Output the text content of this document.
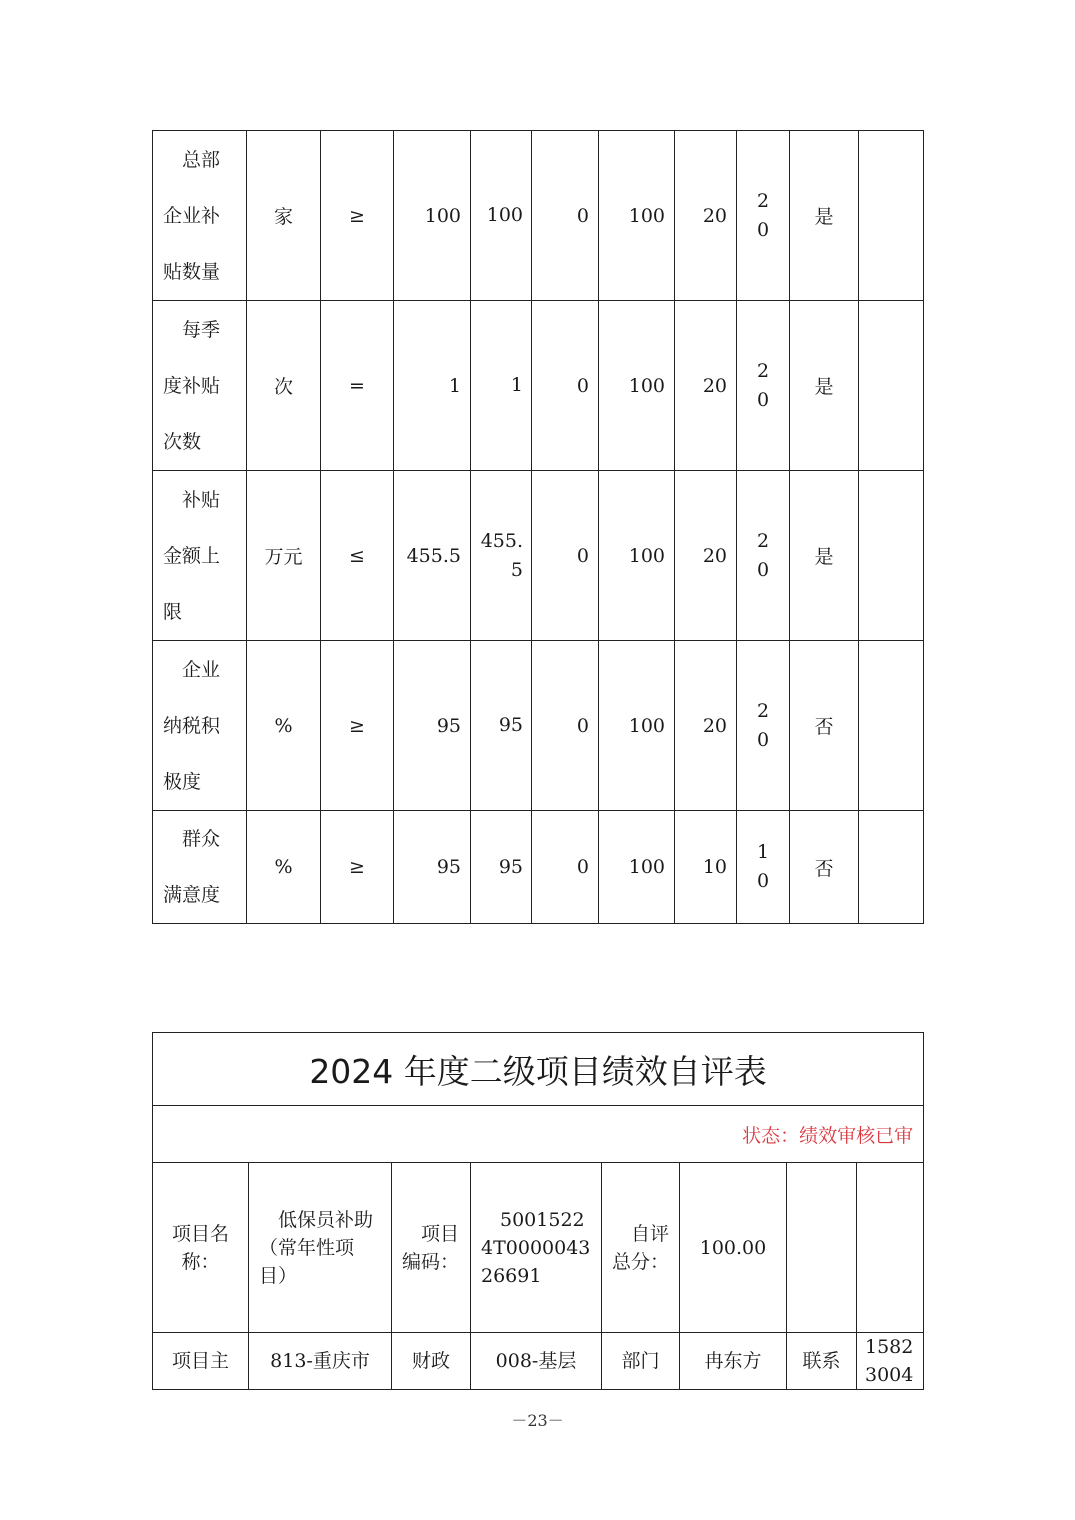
总部企业补贴数量	家	≥	100	100	0	100	20	20	是	
每季度补贴次数	次	=	1	1	0	100	20	20	是	
补贴金额上限	万元	≤	455.5	455.5	0	100	20	20	是	
企业纳税积极度	%	≥	95	95	0	100	20	20	否	
群众满意度	%	≥	95	95	0	100	10	10	否	
2024 年度二级项目绩效自评表							
状态：绩效审核已审							
项目名称：	低保员补助（常年性项目）	项目编码：	50015224T000004326691	自评总分：	100.00		
项目主	813-重庆市	财政	008-基层	部门	冉东方	联系	15823004
－23－
